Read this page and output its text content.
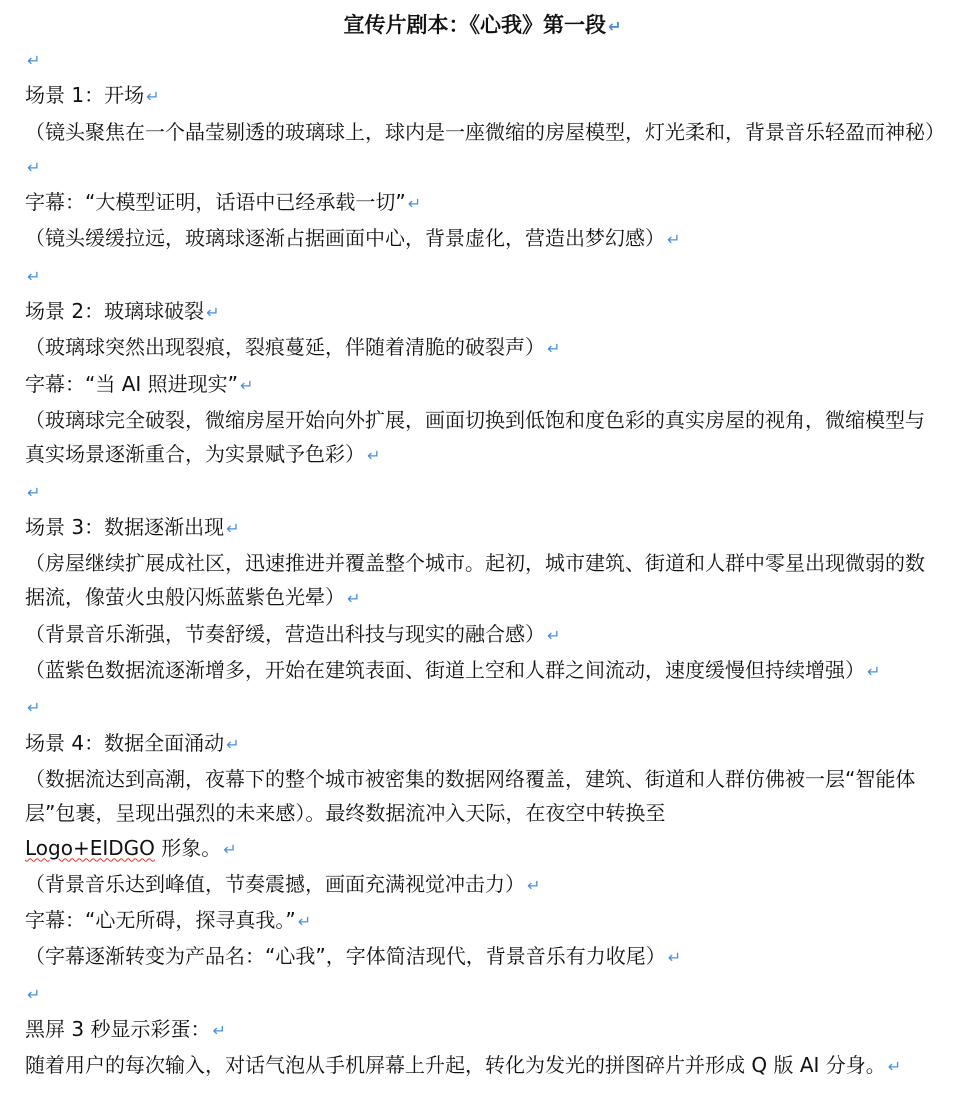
宣传片剧本：《心我》第一段 ↵

↵

场景 1：开场 ↵

（镜头聚焦在一个晶莹剔透的玻璃球上，球内是一座微缩的房屋模型，灯光柔和，背景音乐轻盈而神秘）↵

字幕：“大模型证明，话语中已经承载一切” ↵

（镜头缓缓拉远，玻璃球逐渐占据画面中心，背景虚化，营造出梦幻感） ↵

↵

场景 2：玻璃球破裂 ↵

（玻璃球突然出现裂痕，裂痕蔓延，伴随着清脆的破裂声） ↵

字幕：“当 AI 照进现实” ↵

（玻璃球完全破裂，微缩房屋开始向外扩展，画面切换到低饱和度色彩的真实房屋的视角，微缩模型与真实场景逐渐重合，为实景赋予色彩） ↵

↵

场景 3：数据逐渐出现 ↵

（房屋继续扩展成社区，迅速推进并覆盖整个城市。起初，城市建筑、街道和人群中零星出现微弱的数据流，像萤火虫般闪烁蓝紫色光晕） ↵

（背景音乐渐强，节奏舒缓，营造出科技与现实的融合感） ↵

（蓝紫色数据流逐渐增多，开始在建筑表面、街道上空和人群之间流动，速度缓慢但持续增强） ↵

↵

场景 4：数据全面涌动 ↵

（数据流达到高潮，夜幕下的整个城市被密集的数据网络覆盖，建筑、街道和人群仿佛被一层“智能体层”包裹，呈现出强烈的未来感）。最终数据流冲入天际，在夜空中转换至
Logo+EIDGO 形象。 ↵

（背景音乐达到峰值，节奏震撼，画面充满视觉冲击力） ↵

字幕：“心无所碍，探寻真我。” ↵

（字幕逐渐转变为产品名：“心我”，字体简洁现代，背景音乐有力收尾） ↵

↵

黑屏 3 秒显示彩蛋： ↵

随着用户的每次输入，对话气泡从手机屏幕上升起，转化为发光的拼图碎片并形成 Q 版 AI 分身。 ↵
